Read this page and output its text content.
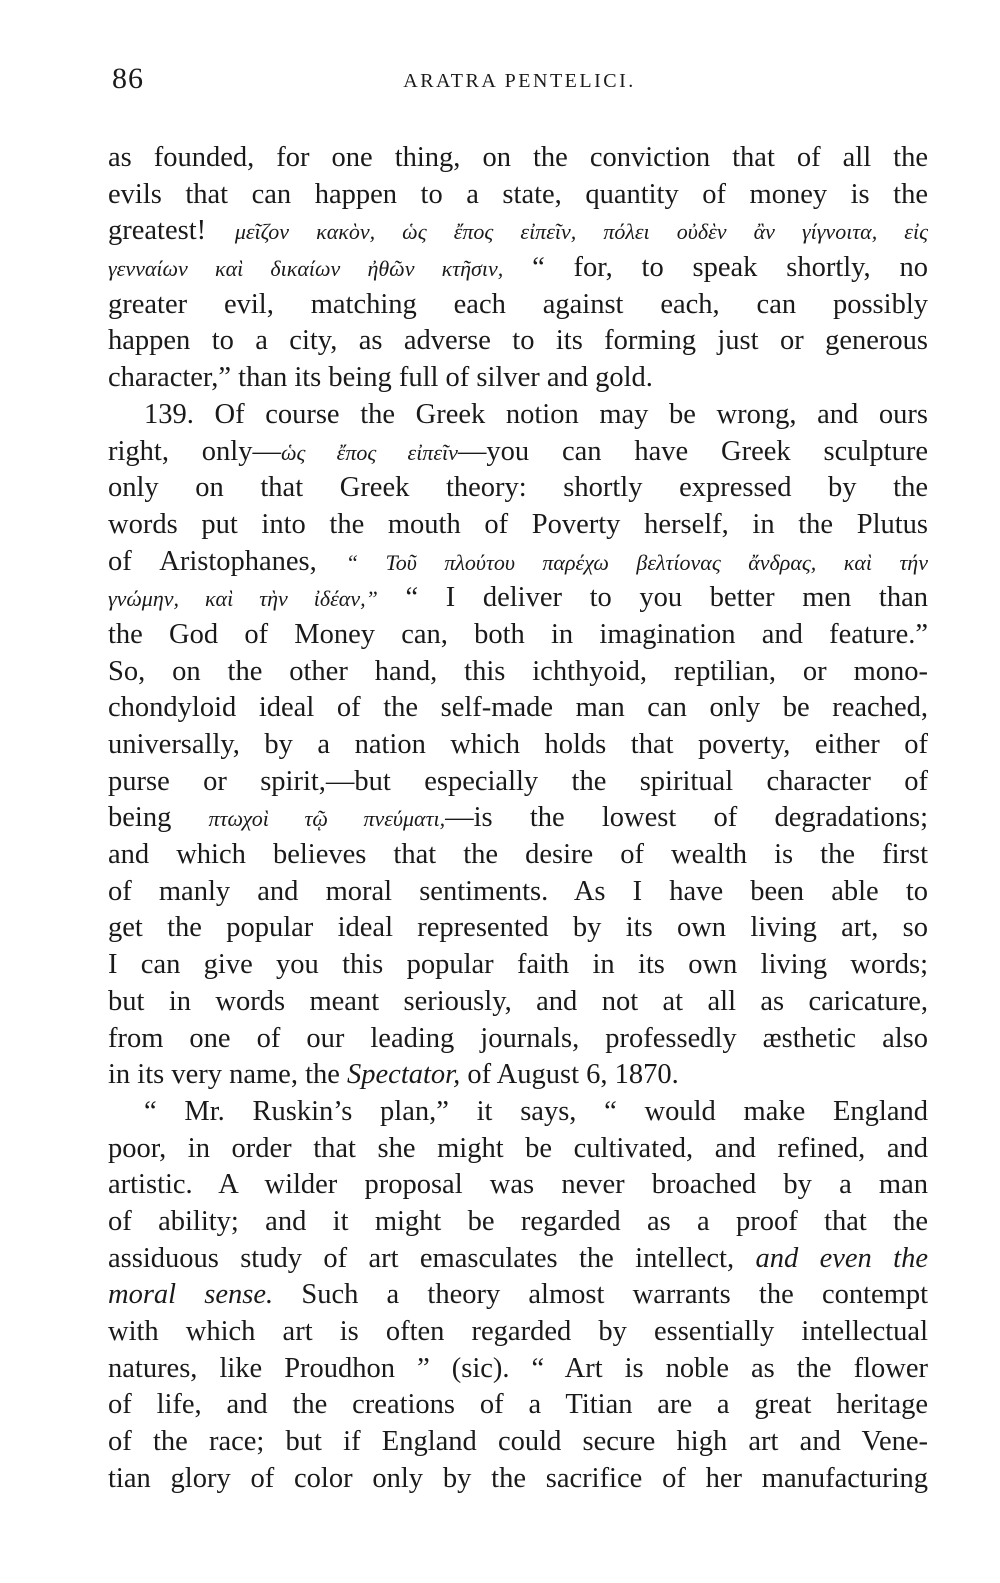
86	ARATRA PENTELICI.
as founded, for one thing, on the conviction that of all the
evils that can happen to a state, quantity of money is the
greatest! μεῖζον κακὸν, ὡς ἔπος εἰπεῖν, πόλει οὐδὲν ἂν γίγνοιτα, εἰς
γενναίων καὶ δικαίων ἠθῶν κτῆσιν, “ for, to speak shortly, no
greater evil, matching each against each, can possibly
happen to a city, as adverse to its forming just or generous
character,” than its being full of silver and gold.
139. Of course the Greek notion may be wrong, and ours
right, only—ὡς ἔπος εἰπεῖν—you can have Greek sculpture
only on that Greek theory: shortly expressed by the
words put into the mouth of Poverty herself, in the Plutus
of Aristophanes, “ Τοῦ πλούτου παρέχω βελτίονας ἄνδρας, καὶ τήν
γνώμην, καὶ τὴν ἰδέαν,” “ I deliver to you better men than
the God of Money can, both in imagination and feature.”
So, on the other hand, this ichthyoid, reptilian, or mono-
chondyloid ideal of the self-made man can only be reached,
universally, by a nation which holds that poverty, either of
purse or spirit,—but especially the spiritual character of
being πτωχοὶ τῷ πνεύματι,—is the lowest of degradations;
and which believes that the desire of wealth is the first
of manly and moral sentiments. As I have been able to
get the popular ideal represented by its own living art, so
I can give you this popular faith in its own living words;
but in words meant seriously, and not at all as caricature,
from one of our leading journals, professedly æsthetic also
in its very name, the Spectator, of August 6, 1870.
“ Mr. Ruskin’s plan,” it says, “ would make England
poor, in order that she might be cultivated, and refined, and
artistic. A wilder proposal was never broached by a man
of ability; and it might be regarded as a proof that the
assiduous study of art emasculates the intellect, and even the
moral sense. Such a theory almost warrants the contempt
with which art is often regarded by essentially intellectual
natures, like Proudhon ” (sic). “ Art is noble as the flower
of life, and the creations of a Titian are a great heritage
of the race; but if England could secure high art and Vene-
tian glory of color only by the sacrifice of her manufacturing
